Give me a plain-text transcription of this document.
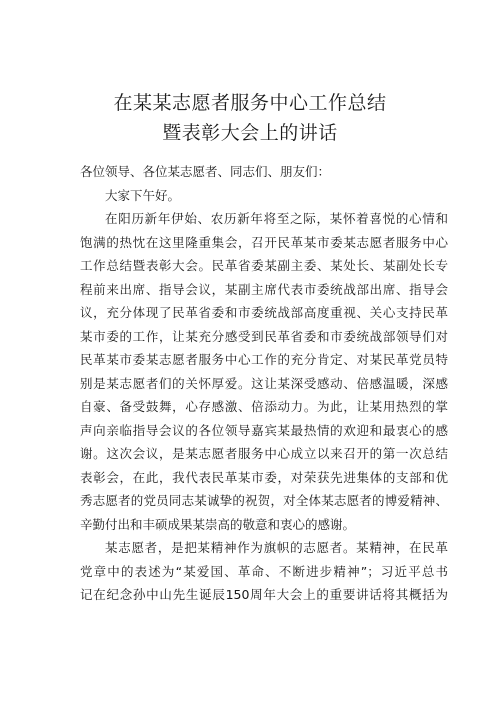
在某某志愿者服务中心工作总结
暨表彰大会上的讲话
各位领导、各位某志愿者、同志们、朋友们：
大家下午好。
在阳历新年伊始、农历新年将至之际，某怀着喜悦的心情和
饱满的热忱在这里隆重集会，召开民革某市委某志愿者服务中心
工作总结暨表彰大会。民革省委某副主委、某处长、某副处长专
程前来出席、指导会议，某副主席代表市委统战部出席、指导会
议，充分体现了民革省委和市委统战部高度重视、关心支持民革
某市委的工作，让某充分感受到民革省委和市委统战部领导们对
民革某市委某志愿者服务中心工作的充分肯定、对某民革党员特
别是某志愿者们的关怀厚爱。这让某深受感动、倍感温暖，深感
自豪、备受鼓舞，心存感激、倍添动力。为此，让某用热烈的掌
声向亲临指导会议的各位领导嘉宾某最热情的欢迎和最衷心的感
谢。这次会议，是某志愿者服务中心成立以来召开的第一次总结
表彰会，在此，我代表民革某市委，对荣获先进集体的支部和优
秀志愿者的党员同志某诚挚的祝贺，对全体某志愿者的博爱精神、
辛勤付出和丰硕成果某崇高的敬意和衷心的感谢。
某志愿者，是把某精神作为旗帜的志愿者。某精神，在民革
党章中的表述为“某爱国、革命、不断进步精神”；习近平总书
记在纪念孙中山先生诞辰150周年大会上的重要讲话将其概括为
